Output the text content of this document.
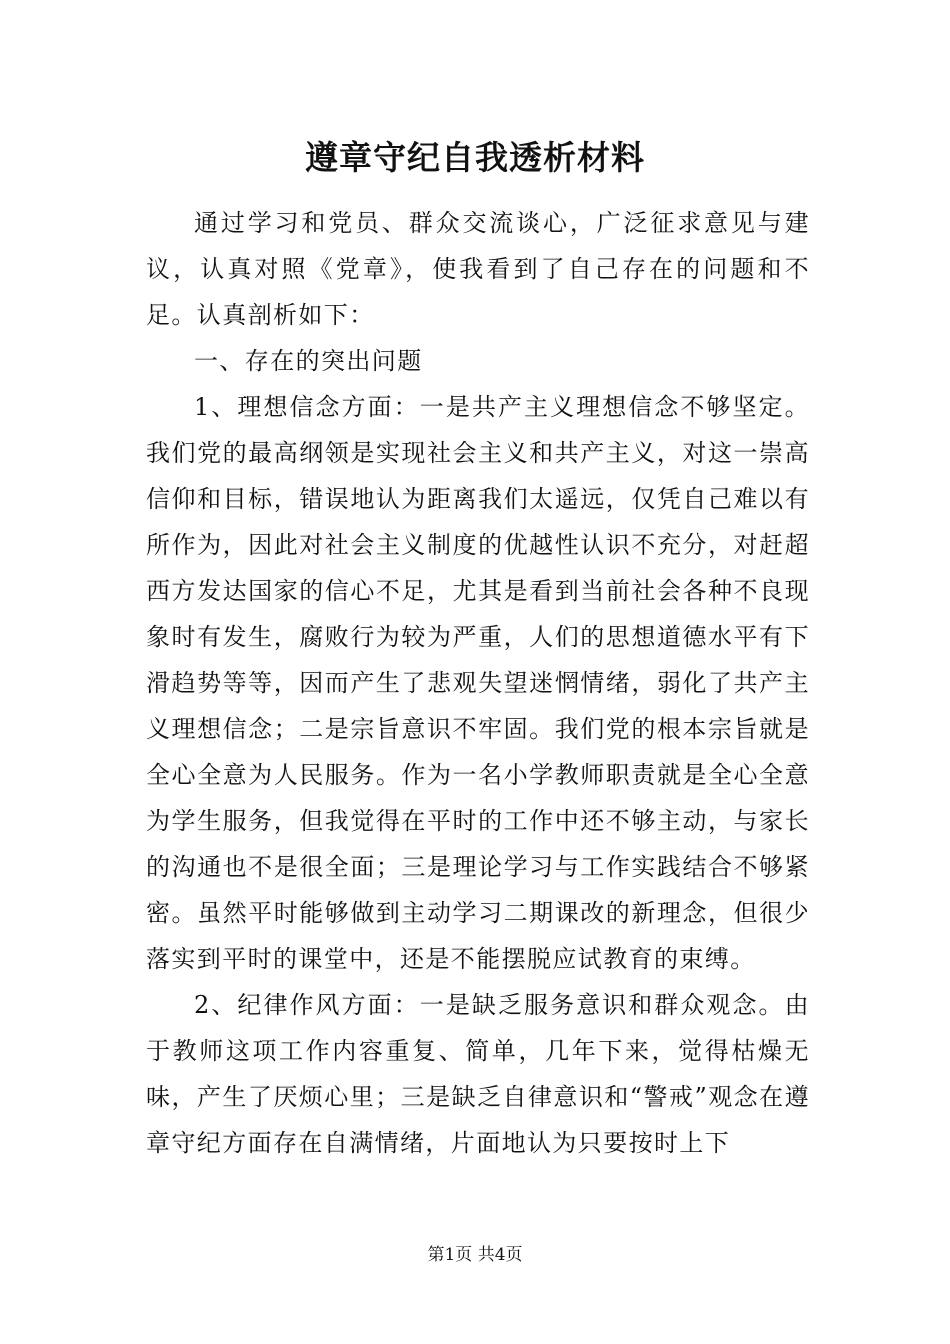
遵章守纪自我透析材料

通过学习和党员、群众交流谈心，广泛征求意见与建议，认真对照《党章》，使我看到了自己存在的问题和不足。认真剖析如下：

一、存在的突出问题

1、理想信念方面：一是共产主义理想信念不够坚定。我们党的最高纲领是实现社会主义和共产主义，对这一崇高信仰和目标，错误地认为距离我们太遥远，仅凭自己难以有所作为，因此对社会主义制度的优越性认识不充分，对赶超西方发达国家的信心不足，尤其是看到当前社会各种不良现象时有发生，腐败行为较为严重，人们的思想道德水平有下滑趋势等等，因而产生了悲观失望迷惘情绪，弱化了共产主义理想信念；二是宗旨意识不牢固。我们党的根本宗旨就是全心全意为人民服务。作为一名小学教师职责就是全心全意为学生服务，但我觉得在平时的工作中还不够主动，与家长的沟通也不是很全面；三是理论学习与工作实践结合不够紧密。虽然平时能够做到主动学习二期课改的新理念，但很少落实到平时的课堂中，还是不能摆脱应试教育的束缚。

2、纪律作风方面：一是缺乏服务意识和群众观念。由于教师这项工作内容重复、简单，几年下来，觉得枯燥无味，产生了厌烦心里；三是缺乏自律意识和“警戒”观念在遵章守纪方面存在自满情绪，片面地认为只要按时上下

第1页 共4页
